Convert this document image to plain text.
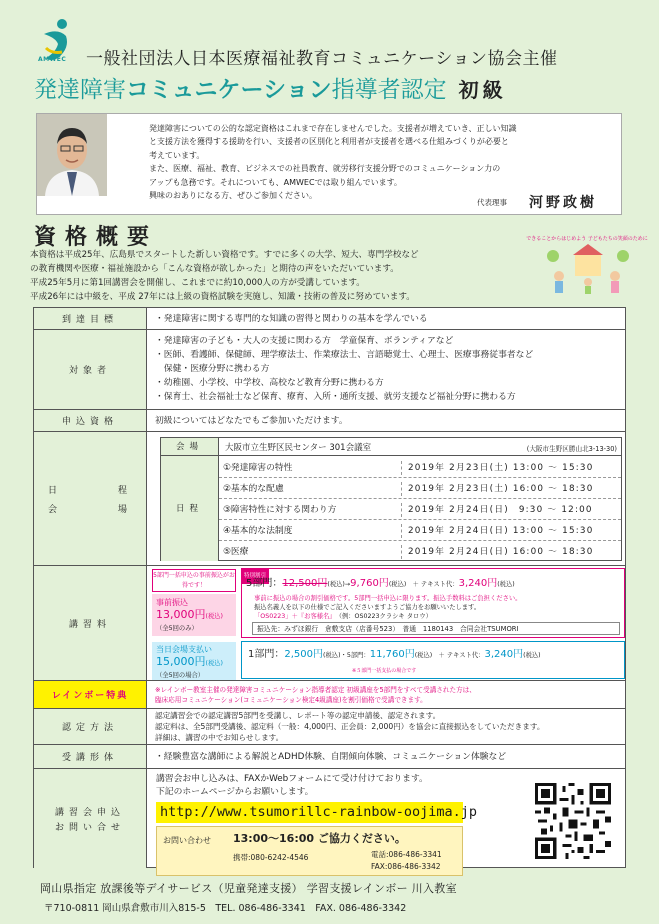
AMWEC 一般社団法人日本医療福祉教育コミュニケーション協会主催
発達障害コミュニケーション指導者認定 初級
発達障害についての公的な認定資格はこれまで存在しませんでした。支援者が増えていき、正しい知識
と支援方法を獲得する援助を行い、支援者の区別化と利用者が支援者を選べる仕組みづくりが必要と
考えています。
また、医療、福祉、教育、ビジネスでの社員教育、就労移行支援分野でのコミュニケーション力の
アップも急務です。それについても、AMWECでは取り組んでいます。
興味のおありになる方、ぜひご参加ください。
代表理事 河野政樹
資格概要
本資格は平成25年、広島県でスタートした新しい資格です。すでに多くの大学、短大、専門学校など
の教育機関や医療・福祉施設から「こんな資格が欲しかった」と期待の声をいただいています。
平成25年5月に第1回講習会を開催し、これまでに約10,000人の方が受講しています。
平成26年には中級を、平成 27年には上級の資格試験を実施し、知識・技術の普及に努めています。
できることからはじめよう 子どもたちの笑顔のために
到達目標	・発達障害に関する専門的な知識の習得と関わりの基本を学んでいる
対象者
・発達障害の子ども・大人の支援に関わる方　学童保育、ボランティアなど
・医師、看護師、保健師、理学療法士、作業療法士、言語聴覚士、心理士、医療事務従事者など
　保健・医療分野に携わる方
・幼稚園、小学校、中学校、高校など教育分野に携わる方
・保育士、社会福祉士など保育、療育、入所・通所支援、就労支援など福祉分野に携わる方
申込資格	初級についてはどなたでもご参加いただけます。
日　　　　程
会　　　　場
会場	大阪市立生野区民センター 301会議室	(大阪市生野区勝山北3-13-30)
日程
①発達障害の特性	2019年 2月23日(土) 13:00 ～ 15:30
②基本的な配慮	2019年 2月23日(土) 16:00 ～ 18:30
③障害特性に対する関わり方	2019年 2月24日(日)　9:30 ～ 12:00
④基本的な法制度	2019年 2月24日(日) 13:00 ～ 15:30
⑤医療	2019年 2月24日(日) 16:00 ～ 18:30
講習料
5部門一括申込の事前振込がお得です！
事前振込
13,000円(税込)
（全5回のみ）
当日会場支払い
15,000円(税込)
（全5回の場合）
特別割引
5部門：12,500円(税込)→9,760円(税込)　＋ テキスト代：3,240円(税込)
事前に振込の場合の割引価格です。5部門一括申込に限ります。振込手数料はご負担ください。
振込名義人を以下の仕様でご記入くださいますようご協力をお願いいたします。
「OS0223」＋『お客様名』　（例：OS0223クラシキ タロウ）
振込先：みずほ銀行　倉敷支店（店番号523）　普通　1180143　合同会社TSUMORI
1部門：2,500円(税込)・5部門：11,760円(税込)　＋ テキスト代：3,240円(税込)
※５部門一括支払の場合です
レインボー特典
※レインボー教室主催の発達障害コミュニケーション指導者認定 初級講座を5部門をすべて受講された方は、
臨床応用コミュニケーション(コミュニケーション検定4級講座)を割引価格で受講できます。
認定方法
認定講習会での認定講習5部門を受講し、レポート等の認定申請後、認定されます。
認定料は、全5部門受講後、認定料（一般：4,000円、正会員：2,000円）を協会に直接振込をしていただきます。
詳細は、講習の中でお知らせします。
受講形体	・経験豊富な講師による解説とADHD体験、自閉傾向体験、コミュニケーション体験など
講習会申込
お問い合せ
講習会お申し込みは、FAXかWebフォームにて受け付けております。
下記のホームページからお願いします。
http://www.tsumorillc-rainbow-oojima.jp
お問い合わせ 13:00～16:00 ご協力ください。
携帯:080-6242-4546	電話:086-486-3341
FAX:086-486-3342
岡山県指定 放課後等デイサービス（児童発達支援） 学習支援レインボー 川入教室
〒710-0811 岡山県倉敷市川入815-5　TEL. 086-486-3341　FAX. 086-486-3342
